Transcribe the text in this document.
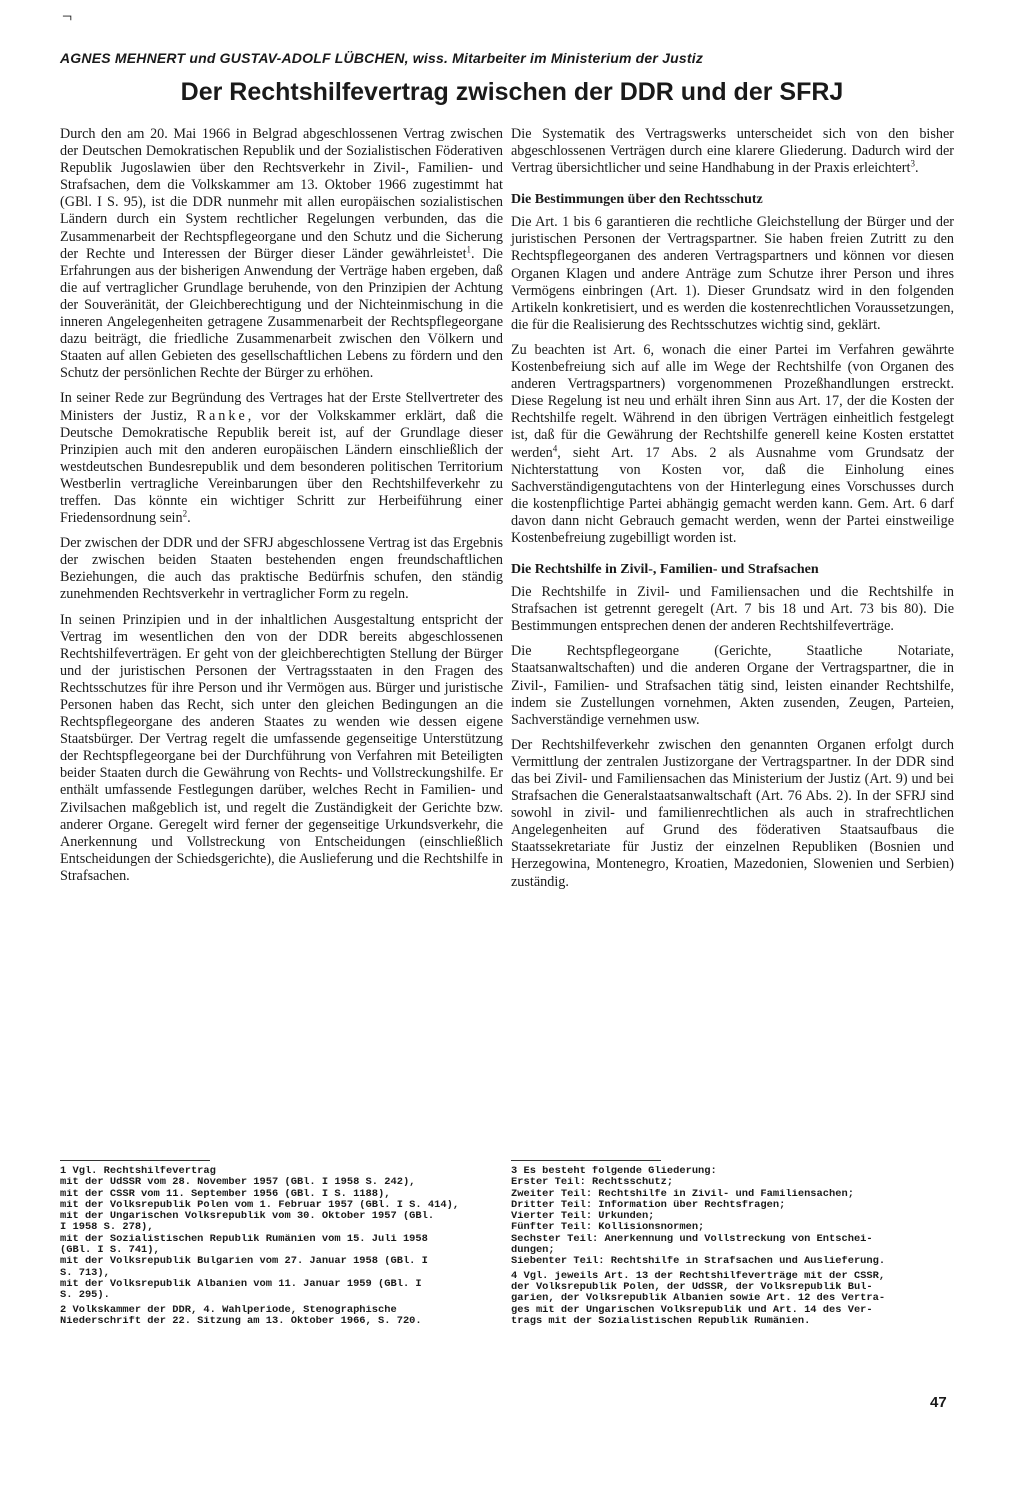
¬
AGNES MEHNERT und GUSTAV-ADOLF LÜBCHEN, wiss. Mitarbeiter im Ministerium der Justiz
Der Rechtshilfevertrag zwischen der DDR und der SFRJ

Durch den am 20. Mai 1966 in Belgrad abgeschlossenen Vertrag zwischen der Deutschen Demokratischen Republik und der Sozialistischen Föderativen Republik Jugoslawien über den Rechtsverkehr in Zivil-, Familien- und Strafsachen, dem die Volkskammer am 13. Oktober 1966 zugestimmt hat (GBl. I S. 95), ist die DDR nunmehr mit allen europäischen sozialistischen Ländern durch ein System rechtlicher Regelungen verbunden, das die Zusammenarbeit der Rechtspflegeorgane und den Schutz und die Sicherung der Rechte und Interessen der Bürger dieser Länder gewährleistet$^1$. Die Erfahrungen aus der bisherigen Anwendung der Verträge haben ergeben, daß die auf vertraglicher Grundlage beruhende, von den Prinzipien der Achtung der Souveränität, der Gleichberechtigung und der Nichteinmischung in die inneren Angelegenheiten getragene Zusammenarbeit der Rechtspflegeorgane dazu beiträgt, die friedliche Zusammenarbeit zwischen den Völkern und Staaten auf allen Gebieten des gesellschaftlichen Lebens zu fördern und den Schutz der persönlichen Rechte der Bürger zu erhöhen.

In seiner Rede zur Begründung des Vertrages hat der Erste Stellvertreter des Ministers der Justiz, Ranke, vor der Volkskammer erklärt, daß die Deutsche Demokratische Republik bereit ist, auf der Grundlage dieser Prinzipien auch mit den anderen europäischen Ländern einschließlich der westdeutschen Bundesrepublik und dem besonderen politischen Territorium Westberlin vertragliche Vereinbarungen über den Rechtshilfeverkehr zu treffen. Das könnte ein wichtiger Schritt zur Herbeiführung einer Friedensordnung sein$^2$.

Der zwischen der DDR und der SFRJ abgeschlossene Vertrag ist das Ergebnis der zwischen beiden Staaten bestehenden engen freundschaftlichen Beziehungen, die auch das praktische Bedürfnis schufen, den ständig zunehmenden Rechtsverkehr in vertraglicher Form zu regeln.

In seinen Prinzipien und in der inhaltlichen Ausgestaltung entspricht der Vertrag im wesentlichen den von der DDR bereits abgeschlossenen Rechtshilfeverträgen. Er geht von der gleichberechtigten Stellung der Bürger und der juristischen Personen der Vertragsstaaten in den Fragen des Rechtsschutzes für ihre Person und ihr Vermögen aus. Bürger und juristische Personen haben das Recht, sich unter den gleichen Bedingungen an die Rechtspflegeorgane des anderen Staates zu wenden wie dessen eigene Staatsbürger. Der Vertrag regelt die umfassende gegenseitige Unterstützung der Rechtspflegeorgane bei der Durchführung von Verfahren mit Beteiligten beider Staaten durch die Gewährung von Rechts- und Vollstreckungshilfe. Er enthält umfassende Festlegungen darüber, welches Recht in Familien- und Zivilsachen maßgeblich ist, und regelt die Zuständigkeit der Gerichte bzw. anderer Organe. Geregelt wird ferner der gegenseitige Urkundsverkehr, die Anerkennung und Vollstreckung von Entscheidungen (einschließlich Entscheidungen der Schiedsgerichte), die Auslieferung und die Rechtshilfe in Strafsachen.

Die Systematik des Vertragswerks unterscheidet sich von den bisher abgeschlossenen Verträgen durch eine klarere Gliederung. Dadurch wird der Vertrag übersichtlicher und seine Handhabung in der Praxis erleichtert$^3$.

Die Bestimmungen über den Rechtsschutz

Die Art. 1 bis 6 garantieren die rechtliche Gleichstellung der Bürger und der juristischen Personen der Vertragspartner. Sie haben freien Zutritt zu den Rechtspflegeorganen des anderen Vertragspartners und können vor diesen Organen Klagen und andere Anträge zum Schutze ihrer Person und ihres Vermögens einbringen (Art. 1). Dieser Grundsatz wird in den folgenden Artikeln konkretisiert, und es werden die kostenrechtlichen Voraussetzungen, die für die Realisierung des Rechtsschutzes wichtig sind, geklärt.

Zu beachten ist Art. 6, wonach die einer Partei im Verfahren gewährte Kostenbefreiung sich auf alle im Wege der Rechtshilfe (von Organen des anderen Vertragspartners) vorgenommenen Prozeßhandlungen erstreckt. Diese Regelung ist neu und erhält ihren Sinn aus Art. 17, der die Kosten der Rechtshilfe regelt. Während in den übrigen Verträgen einheitlich festgelegt ist, daß für die Gewährung der Rechtshilfe generell keine Kosten erstattet werden$^4$, sieht Art. 17 Abs. 2 als Ausnahme vom Grundsatz der Nichterstattung von Kosten vor, daß die Einholung eines Sachverständigengutachtens von der Hinterlegung eines Vorschusses durch die kostenpflichtige Partei abhängig gemacht werden kann. Gem. Art. 6 darf davon dann nicht Gebrauch gemacht werden, wenn der Partei einstweilige Kostenbefreiung zugebilligt worden ist.

Die Rechtshilfe in Zivil-, Familien- und Strafsachen

Die Rechtshilfe in Zivil- und Familiensachen und die Rechtshilfe in Strafsachen ist getrennt geregelt (Art. 7 bis 18 und Art. 73 bis 80). Die Bestimmungen entsprechen denen der anderen Rechtshilfeverträge.

Die Rechtspflegeorgane (Gerichte, Staatliche Notariate, Staatsanwaltschaften) und die anderen Organe der Vertragspartner, die in Zivil-, Familien- und Strafsachen tätig sind, leisten einander Rechtshilfe, indem sie Zustellungen vornehmen, Akten zusenden, Zeugen, Parteien, Sachverständige vernehmen usw.

Der Rechtshilfeverkehr zwischen den genannten Organen erfolgt durch Vermittlung der zentralen Justizorgane der Vertragspartner. In der DDR sind das bei Zivil- und Familiensachen das Ministerium der Justiz (Art. 9) und bei Strafsachen die Generalstaatsanwaltschaft (Art. 76 Abs. 2). In der SFRJ sind sowohl in zivil- und familienrechtlichen als auch in strafrechtlichen Angelegenheiten auf Grund des föderativen Staatsaufbaus die Staatssekretariate für Justiz der einzelnen Republiken (Bosnien und Herzegowina, Montenegro, Kroatien, Mazedonien, Slowenien und Serbien) zuständig.

1 Vgl. Rechtshilfevertrag
mit der UdSSR vom 28. November 1957 (GBl. I 1958 S. 242),
mit der ČSSR vom 11. September 1956 (GBl. I S. 1188),
mit der Volksrepublik Polen vom 1. Februar 1957 (GBl. I S. 414),
mit der Ungarischen Volksrepublik vom 30. Oktober 1957 (GBl.
I 1958 S. 278),
mit der Sozialistischen Republik Rumänien vom 15. Juli 1958
(GBl. I S. 741),
mit der Volksrepublik Bulgarien vom 27. Januar 1958 (GBl. I
S. 713),
mit der Volksrepublik Albanien vom 11. Januar 1959 (GBl. I
S. 295).
2 Volkskammer der DDR, 4. Wahlperiode, Stenographische
Niederschrift der 22. Sitzung am 13. Oktober 1966, S. 720.
3 Es besteht folgende Gliederung:
Erster Teil: Rechtsschutz;
Zweiter Teil: Rechtshilfe in Zivil- und Familiensachen;
Dritter Teil: Information über Rechtsfragen;
Vierter Teil: Urkunden;
Fünfter Teil: Kollisionsnormen;
Sechster Teil: Anerkennung und Vollstreckung von Entschei-
dungen;
Siebenter Teil: Rechtshilfe in Strafsachen und Auslieferung.
4 Vgl. jeweils Art. 13 der Rechtshilfeverträge mit der ČSSR,
der Volksrepublik Polen, der UdSSR, der Volksrepublik Bul-
garien, der Volksrepublik Albanien sowie Art. 12 des Vertra-
ges mit der Ungarischen Volksrepublik und Art. 14 des Ver-
trags mit der Sozialistischen Republik Rumänien.
47
